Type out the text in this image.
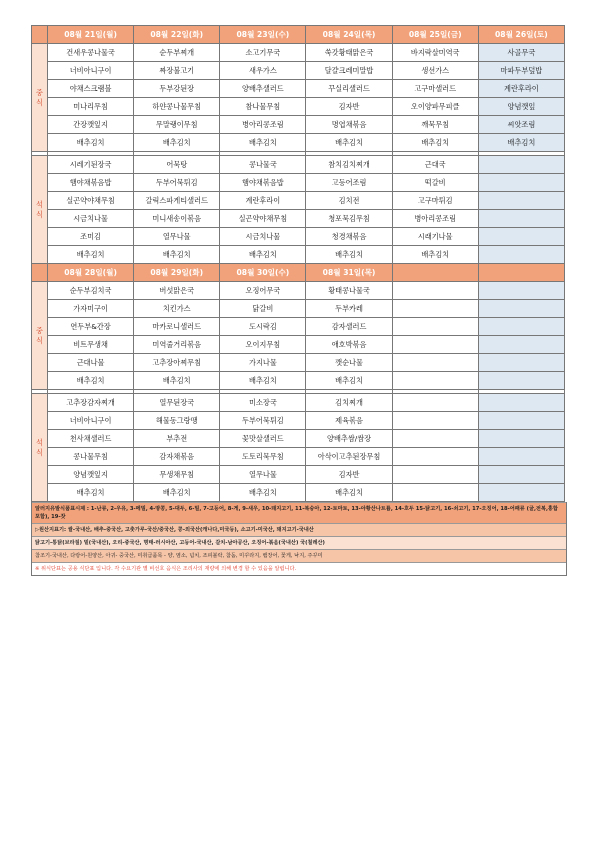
	08월 21일(월)	08월 22일(화)	08월 23일(수)	08월 24일(목)	08월 25일(금)	08월 26일(토)
중
식	건새우콩나물국	순두부찌개	소고기무국	쑥갓황태맑은국	바지락살미역국	사골무국
	너비아니구이	짜장불고기	새우가스	달걀크레미말밥	생선가스	마파두부덮밥
	야채스크램블	두부강된장	양배추샐러드	꾸실리샐러드	고구마샐러드	계란후라이
	미나리무침	하얀콩나물무침	참나물무침	김자반	오이양파무피클	양념깻잎
	간장깻잎지	무말랭이무침	병아리콩조림	명엽채볶음	깨묵무침	씨앗조림
	배추김치	배추김치	배추김치	배추김치	배추김치	배추김치

석
식	시레기된장국	어묵탕	콩나물국	참치김치찌개	근대국	
	햄야채볶음밥	두부어묵튀김	햄야채볶음밥	고등어조림	떡갈비	
	실곤약야채무침	갈릭스파게티샐러드	계란후라이	김치전	고구마튀김	
	시금치나물	미니새송이볶음	실곤약야채무침	청포묵김무침	병아리콩조림	
	조미김	열무나물	시금치나물	청경채볶음	시래기나물	
	배추김치	배추김치	배추김치	배추김치	배추김치	
	08월 28일(월)	08월 29일(화)	08월 30일(수)	08월 31일(목)		
중
식	순두부김치국	버섯맑은국	오징어무국	황태콩나물국		
	가자미구이	치킨가스	닭갈비	두부카레		
	연두부&간장	마카로니샐러드	도시락김	감자샐러드		
	비트무생채	미역줄거리볶음	오이지무침	애호박볶음		
	근대나물	고추장아찌무침	가지나물	깻순나물		
	배추김치	배추김치	배추김치	배추김치		

석
식	고추장감자찌개	열무된장국	미소장국	김치찌개		
	너비아니구이	해물동그랑땡	두부어묵튀김	제육볶음		
	천사채샐러드	부추전	꽃맛살샐러드	양배추쌈/쌈장		
	콩나물무침	감자채볶음	도토리묵무침	아삭이고추된장무침		
	양념깻잎지	무생채무침	열무나물	김자반		
	배추김치	배추김치	배추김치	배추김치		
알러지유발식품표시제 : 1-난류, 2-우유, 3-메밀, 4-땅콩, 5-대두, 6-밀, 7-고등어, 8-게, 9-새우, 10-돼지고기, 11-복숭아, 12-토마토, 13-아황산나트륨, 14-호두 15-닭고기, 16-쇠고기, 17-오징어, 18-어패류 (굴,전복,홍합 포함), 19-잣
▷원산지표기: 쌀-국내산, 배추-중국산, 고춧가루-국산/중국산, 콩-외국산(캐나다,미국등), 소고기-미국산, 돼지고기-국내산
닭고기-통닭(브라질) 밑(국내산), 오리-중국산, 명태-러시아산, 고등어-국내산, 갈치-남아공산, 오징어-볶음(국내산) 국(칠레산)
참조기-국내산, 다랑어-원양산, 아귀- 중국산, 미취급품목 - 양, 염소, 넙치, 조피볼락, 참돔, 미꾸라지, 뱀장어, 꽃게, 낙지, 주꾸미
※ 위식단표는 공용 식단표 입니다. 각 수요기관 별 비선호 음식은 조리사의 재량에 의해 변경 할 수 있음을 알립니다.
